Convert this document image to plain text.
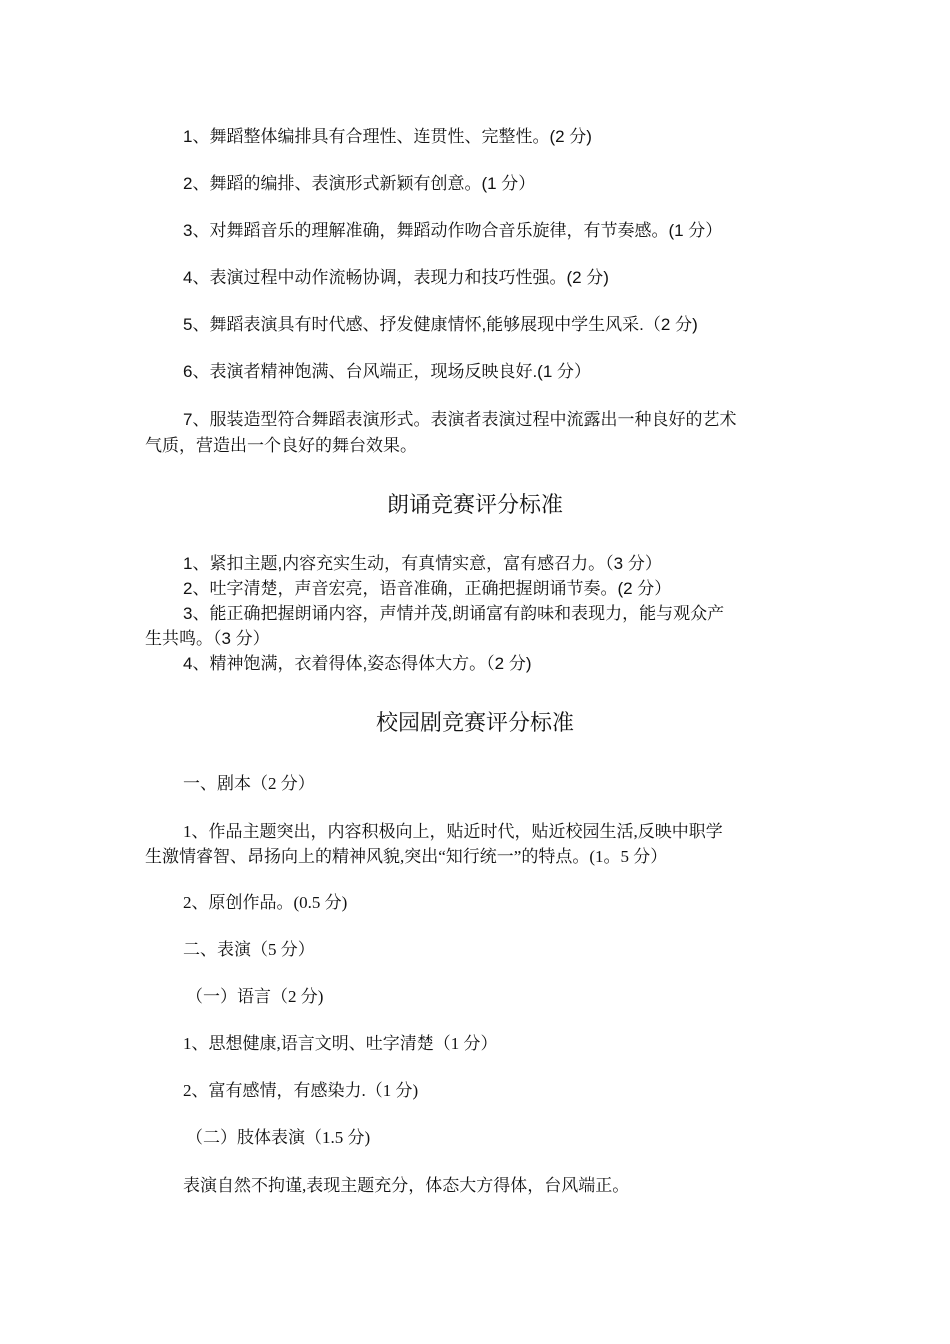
1、舞蹈整体编排具有合理性、连贯性、完整性。(2 分)

2、舞蹈的编排、表演形式新颖有创意。(1 分）

3、对舞蹈音乐的理解准确，舞蹈动作吻合音乐旋律，有节奏感。(1 分）

4、表演过程中动作流畅协调，表现力和技巧性强。(2 分)

5、舞蹈表演具有时代感、抒发健康情怀,能够展现中学生风采.（2 分)

6、表演者精神饱满、台风端正，现场反映良好.(1 分）

7、服装造型符合舞蹈表演形式。表演者表演过程中流露出一种良好的艺术

气质，营造出一个良好的舞台效果。

朗诵竞赛评分标准

1、紧扣主题,内容充实生动，有真情实意，富有感召力。（3 分）

2、吐字清楚，声音宏亮，语音准确，正确把握朗诵节奏。(2 分）

3、能正确把握朗诵内容，声情并茂,朗诵富有韵味和表现力，能与观众产

生共鸣。（3 分）

4、精神饱满，衣着得体,姿态得体大方。（2 分)

校园剧竞赛评分标准

一、剧本（2 分）

1、作品主题突出，内容积极向上，贴近时代，贴近校园生活,反映中职学

生激情睿智、昂扬向上的精神风貌,突出“知行统一”的特点。(1。5 分）

2、原创作品。(0.5 分)

二、表演（5 分）

（一）语言（2 分)

1、思想健康,语言文明、吐字清楚（1 分）

2、富有感情，有感染力.（1 分)

（二）肢体表演（1.5 分)

表演自然不拘谨,表现主题充分，体态大方得体，台风端正。
